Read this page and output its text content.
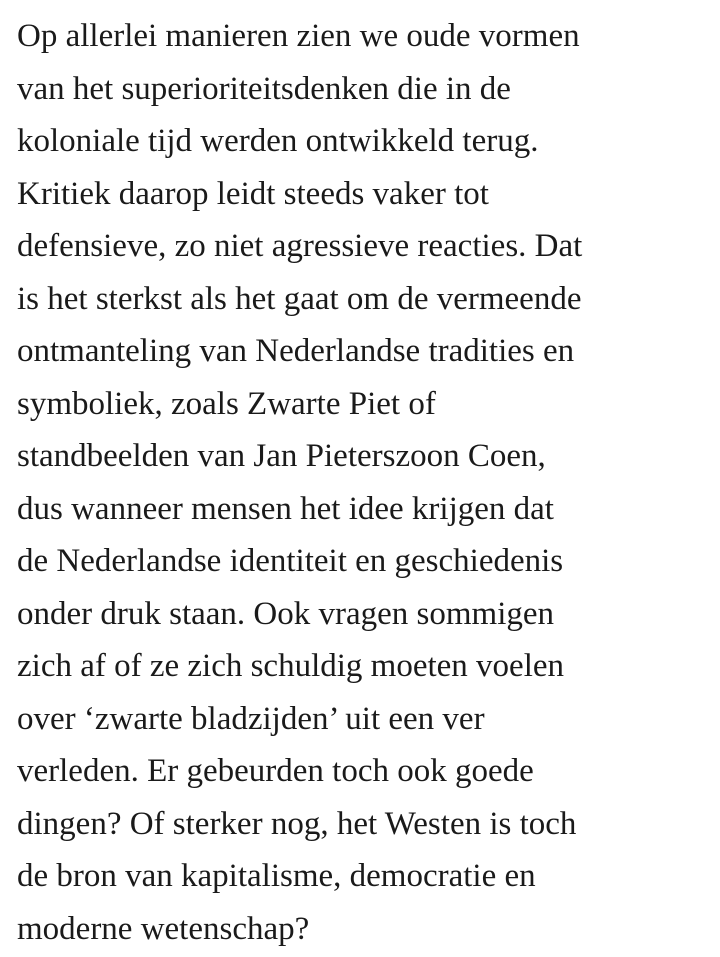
Op allerlei manieren zien we oude vormen
van het superioriteitsdenken die in de
koloniale tijd werden ontwikkeld terug.
Kritiek daarop leidt steeds vaker tot
defensieve, zo niet agressieve reacties. Dat
is het sterkst als het gaat om de vermeende
ontmanteling van Nederlandse tradities en
symboliek, zoals Zwarte Piet of
standbeelden van Jan Pieterszoon Coen,
dus wanneer mensen het idee krijgen dat
de Nederlandse identiteit en geschiedenis
onder druk staan. Ook vragen sommigen
zich af of ze zich schuldig moeten voelen
over ‘zwarte bladzijden’ uit een ver
verleden. Er gebeurden toch ook goede
dingen? Of sterker nog, het Westen is toch
de bron van kapitalisme, democratie en
moderne wetenschap?
